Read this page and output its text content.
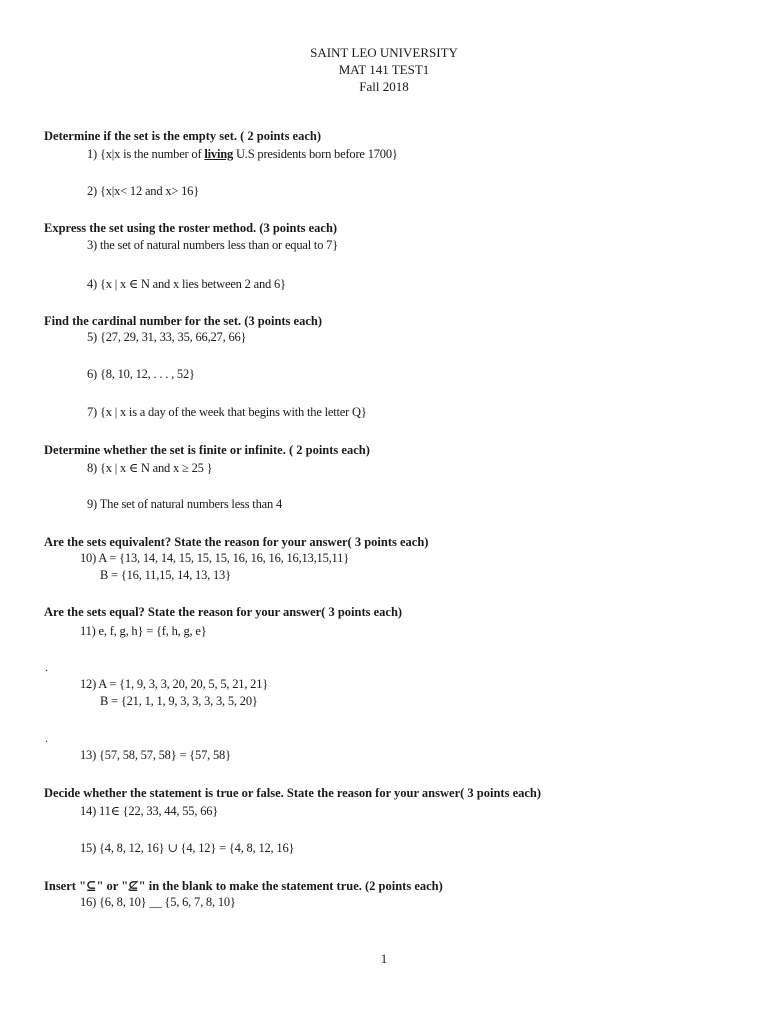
SAINT LEO UNIVERSITY
MAT 141 TEST1
Fall 2018
Determine if the set is the empty set. ( 2 points each)
1) {x|x is the number of living U.S presidents born before 1700}
2) {x|x< 12 and x> 16}
Express the set using the roster method. (3 points each)
3) the set of natural numbers less than or equal to 7}
4) {x | x ∈ N and x lies between 2 and 6}
Find the cardinal number for the set. (3 points each)
5) {27, 29, 31, 33, 35, 66,27, 66}
6) {8, 10, 12, . . . , 52}
7) {x | x is a day of the week that begins with the letter Q}
Determine whether the set is finite or infinite. ( 2 points each)
8) {x | x ∈ N and x ≥ 25 }
9) The set of natural numbers less than 4
Are the sets equivalent? State the reason for your answer( 3 points each)
10) A = {13, 14, 14, 15, 15, 15, 16, 16, 16, 16,13,15,11}
B = {16, 11,15, 14, 13, 13}
Are the sets equal? State the reason for your answer( 3 points each)
11) e, f, g, h} = {f, h, g, e}
.
12) A = {1, 9, 3, 3, 20, 20, 5, 5, 21, 21}
B = {21, 1, 1, 9, 3, 3, 3, 3, 5, 20}
.
13) {57, 58, 57, 58} = {57, 58}
Decide whether the statement is true or false. State the reason for your answer( 3 points each)
14) 11∈ {22, 33, 44, 55, 66}
15) {4, 8, 12, 16} ∪ {4, 12} = {4, 8, 12, 16}
Insert "⊆" or "⊈" in the blank to make the statement true. (2 points each)
16) {6, 8, 10} __ {5, 6, 7, 8, 10}
1
